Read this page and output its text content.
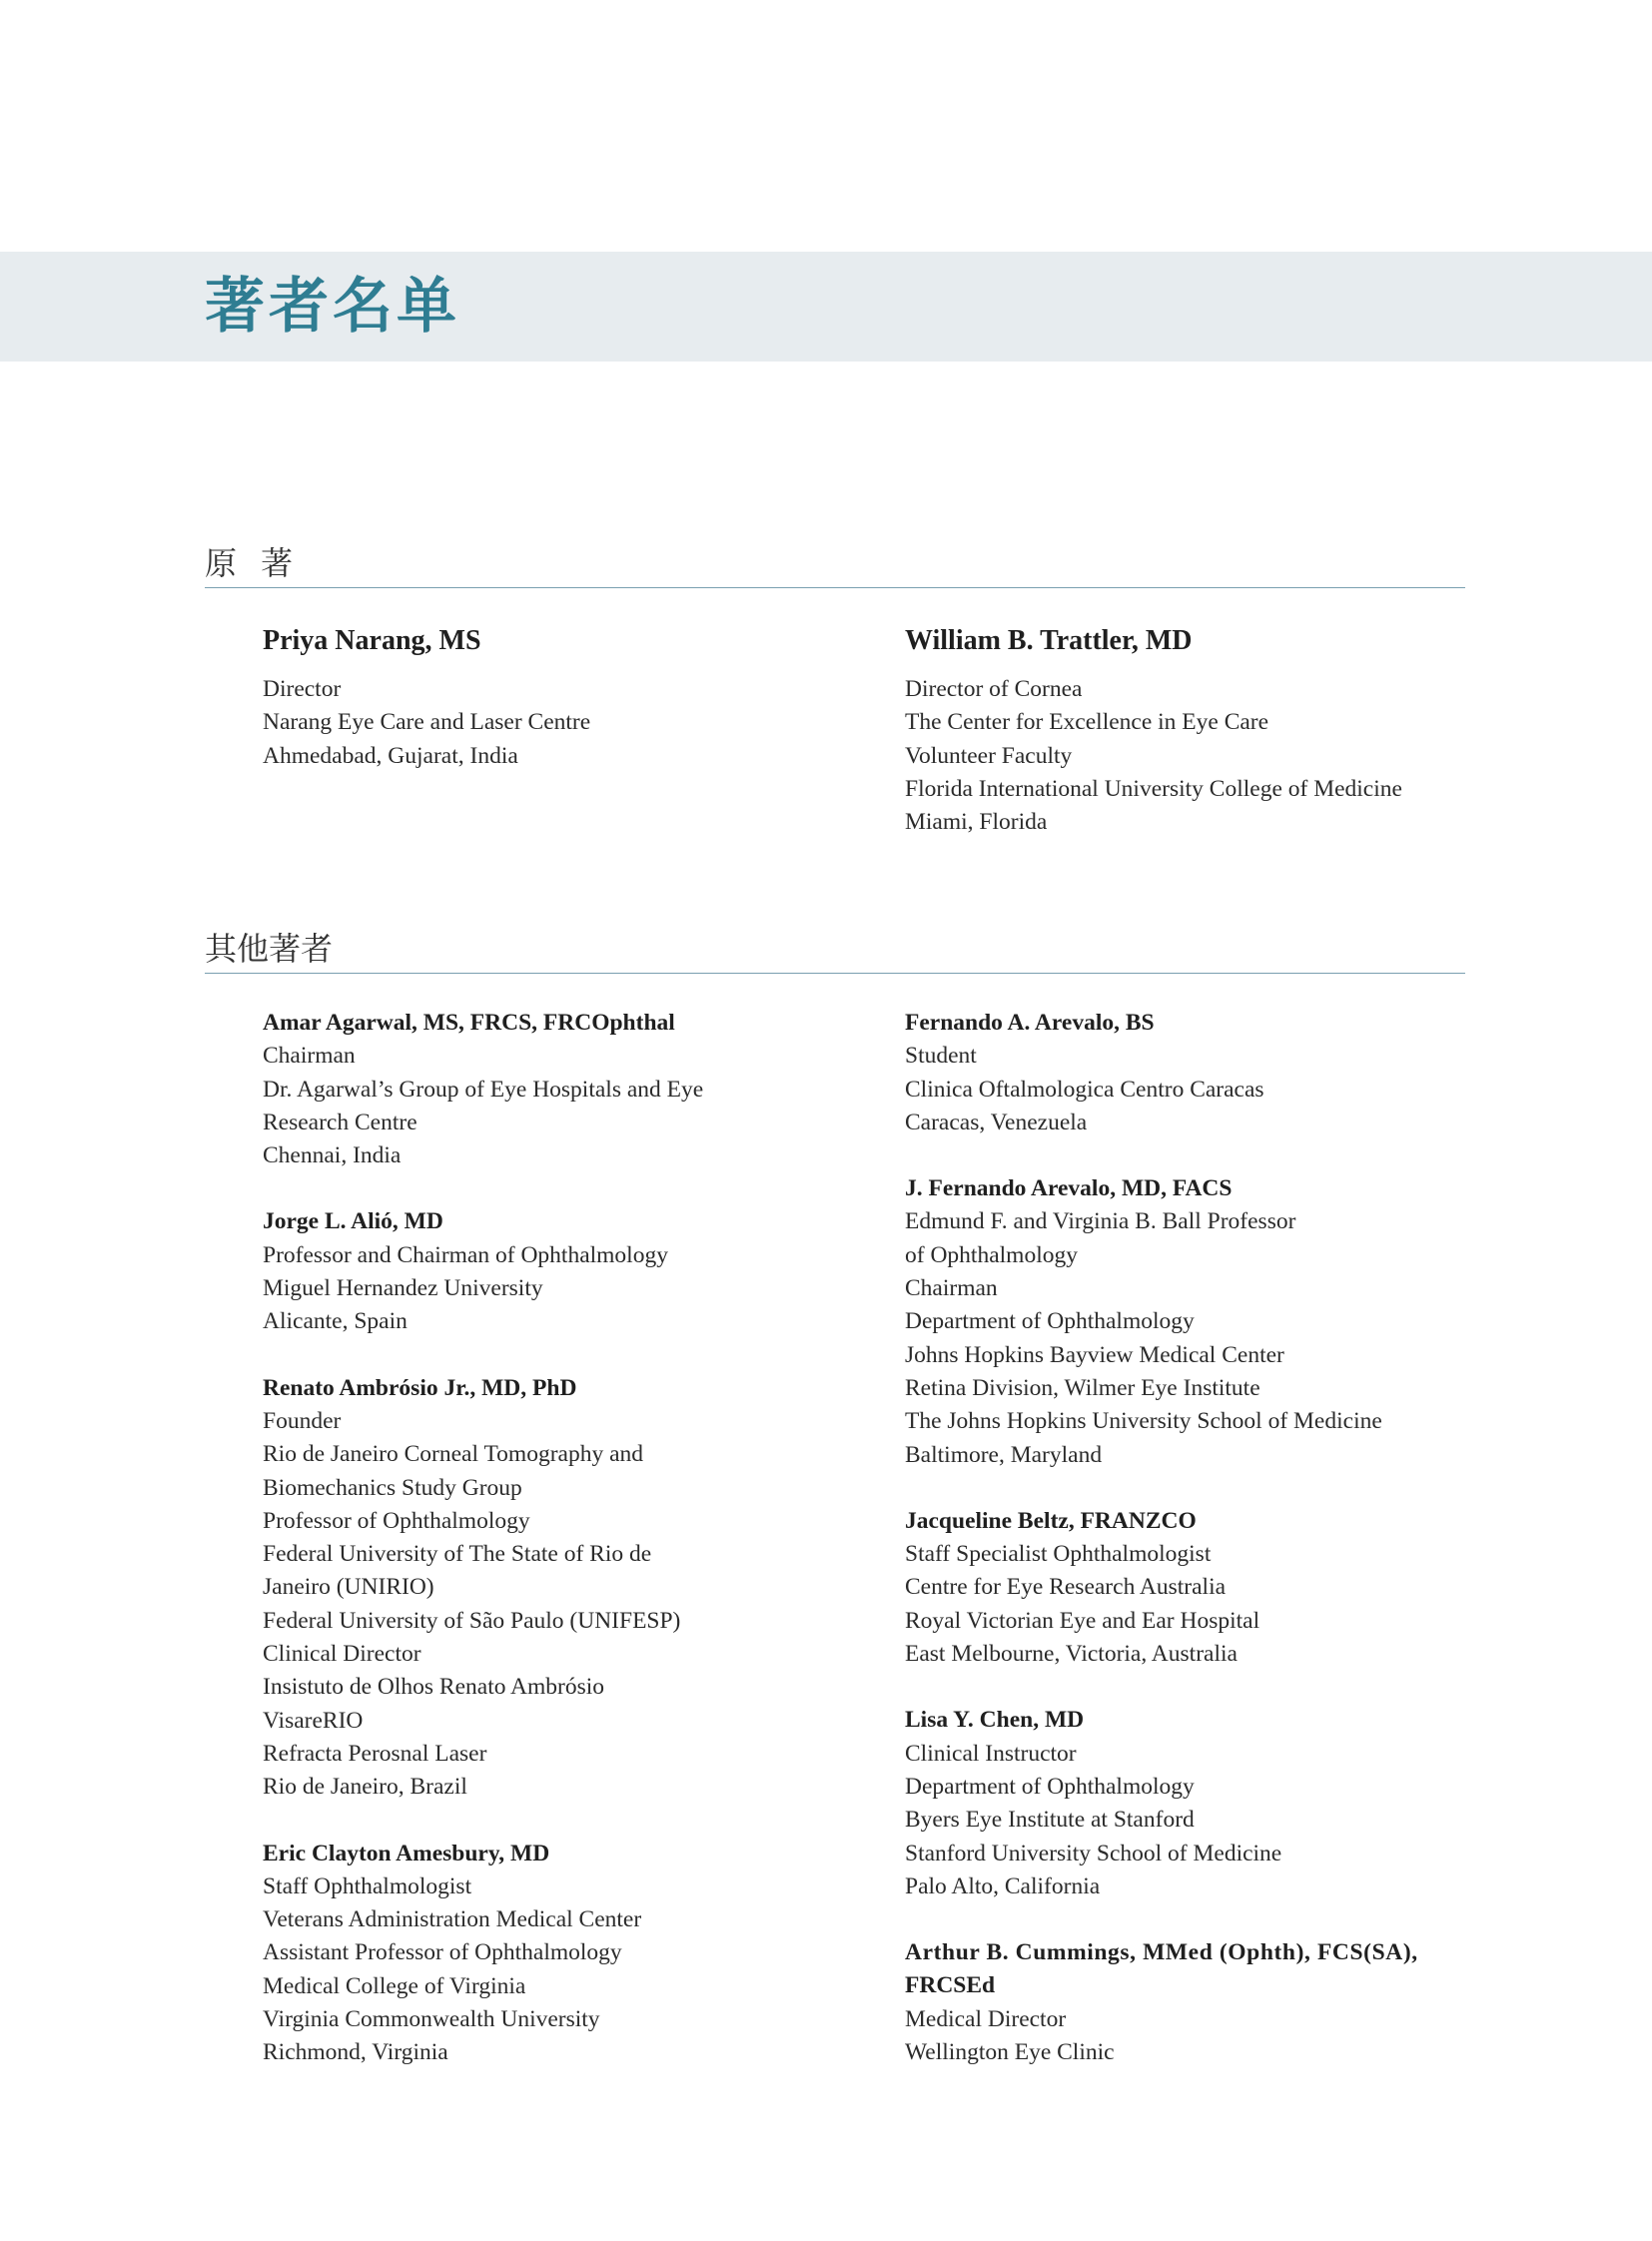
著者名单
原著
Priya Narang, MS
Director
Narang Eye Care and Laser Centre
Ahmedabad, Gujarat, India
William B. Trattler, MD
Director of Cornea
The Center for Excellence in Eye Care
Volunteer Faculty
Florida International University College of Medicine
Miami, Florida
其他著者
Amar Agarwal, MS, FRCS, FRCOphthal
Chairman
Dr. Agarwal’s Group of Eye Hospitals and Eye
Research Centre
Chennai, India
Jorge L. Alió, MD
Professor and Chairman of Ophthalmology
Miguel Hernandez University
Alicante, Spain
Renato Ambrósio Jr., MD, PhD
Founder
Rio de Janeiro Corneal Tomography and
Biomechanics Study Group
Professor of Ophthalmology
Federal University of The State of Rio de
Janeiro (UNIRIO)
Federal University of São Paulo (UNIFESP)
Clinical Director
Insistuto de Olhos Renato Ambrósio
VisareRIO
Refracta Perosnal Laser
Rio de Janeiro, Brazil
Eric Clayton Amesbury, MD
Staff Ophthalmologist
Veterans Administration Medical Center
Assistant Professor of Ophthalmology
Medical College of Virginia
Virginia Commonwealth University
Richmond, Virginia
Fernando A. Arevalo, BS
Student
Clinica Oftalmologica Centro Caracas
Caracas, Venezuela
J. Fernando Arevalo, MD, FACS
Edmund F. and Virginia B. Ball Professor
of Ophthalmology
Chairman
Department of Ophthalmology
Johns Hopkins Bayview Medical Center
Retina Division, Wilmer Eye Institute
The Johns Hopkins University School of Medicine
Baltimore, Maryland
Jacqueline Beltz, FRANZCO
Staff Specialist Ophthalmologist
Centre for Eye Research Australia
Royal Victorian Eye and Ear Hospital
East Melbourne, Victoria, Australia
Lisa Y. Chen, MD
Clinical Instructor
Department of Ophthalmology
Byers Eye Institute at Stanford
Stanford University School of Medicine
Palo Alto, California
Arthur B. Cummings, MMed (Ophth), FCS(SA),
FRCSEd
Medical Director
Wellington Eye Clinic
